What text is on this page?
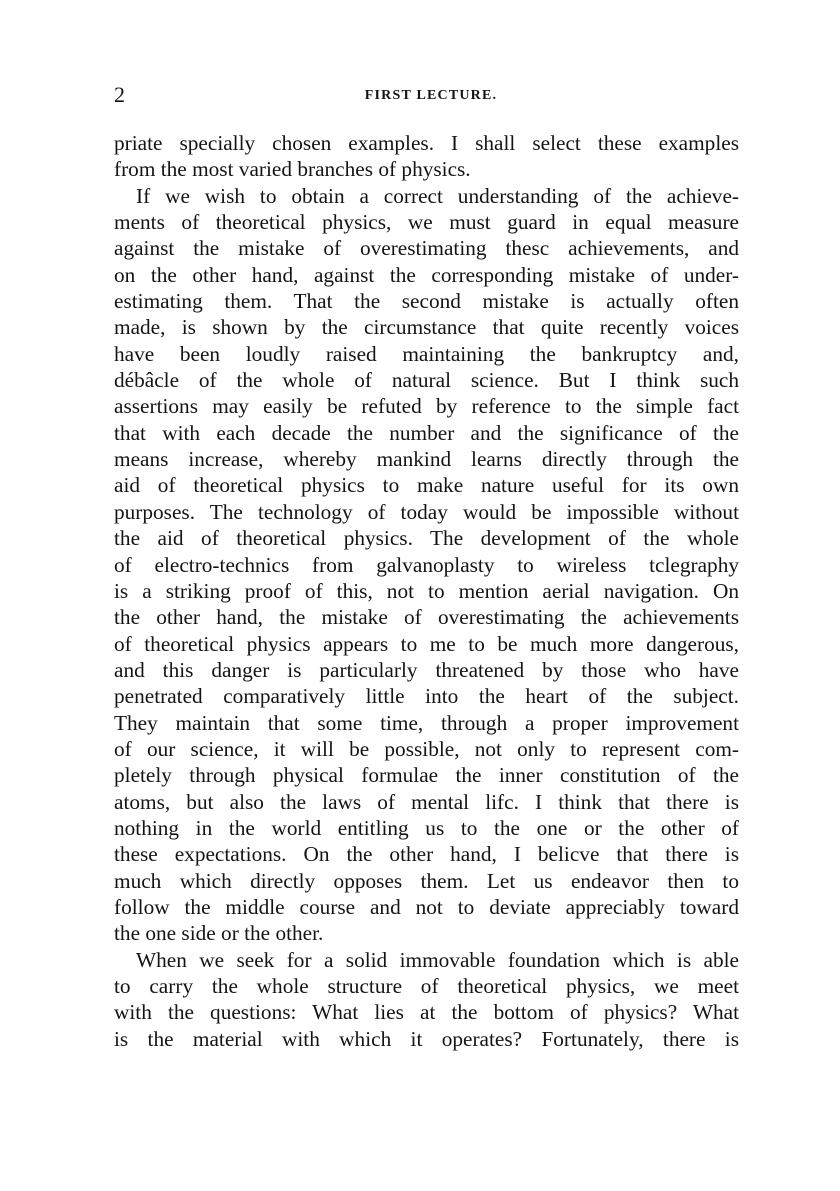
2	FIRST LECTURE.
priate specially chosen examples. I shall select these examples
from the most varied branches of physics.
If we wish to obtain a correct understanding of the achieve-
ments of theoretical physics, we must guard in equal measure
against the mistake of overestimating thesc achievements, and
on the other hand, against the corresponding mistake of under-
estimating them. That the second mistake is actually often
made, is shown by the circumstance that quite recently voices
have been loudly raised maintaining the bankruptcy and,
débâcle of the whole of natural science. But I think such
assertions may easily be refuted by reference to the simple fact
that with each decade the number and the significance of the
means increase, whereby mankind learns directly through the
aid of theoretical physics to make nature useful for its own
purposes. The technology of today would be impossible without
the aid of theoretical physics. The development of the whole
of electro-technics from galvanoplasty to wireless tclegraphy
is a striking proof of this, not to mention aerial navigation. On
the other hand, the mistake of overestimating the achievements
of theoretical physics appears to me to be much more dangerous,
and this danger is particularly threatened by those who have
penetrated comparatively little into the heart of the subject.
They maintain that some time, through a proper improvement
of our science, it will be possible, not only to represent com-
pletely through physical formulae the inner constitution of the
atoms, but also the laws of mental lifc. I think that there is
nothing in the world entitling us to the one or the other of
these expectations. On the other hand, I belicve that there is
much which directly opposes them. Let us endeavor then to
follow the middle course and not to deviate appreciably toward
the one side or the other.
When we seek for a solid immovable foundation which is able
to carry the whole structure of theoretical physics, we meet
with the questions: What lies at the bottom of physics? What
is the material with which it operates? Fortunately, there is
